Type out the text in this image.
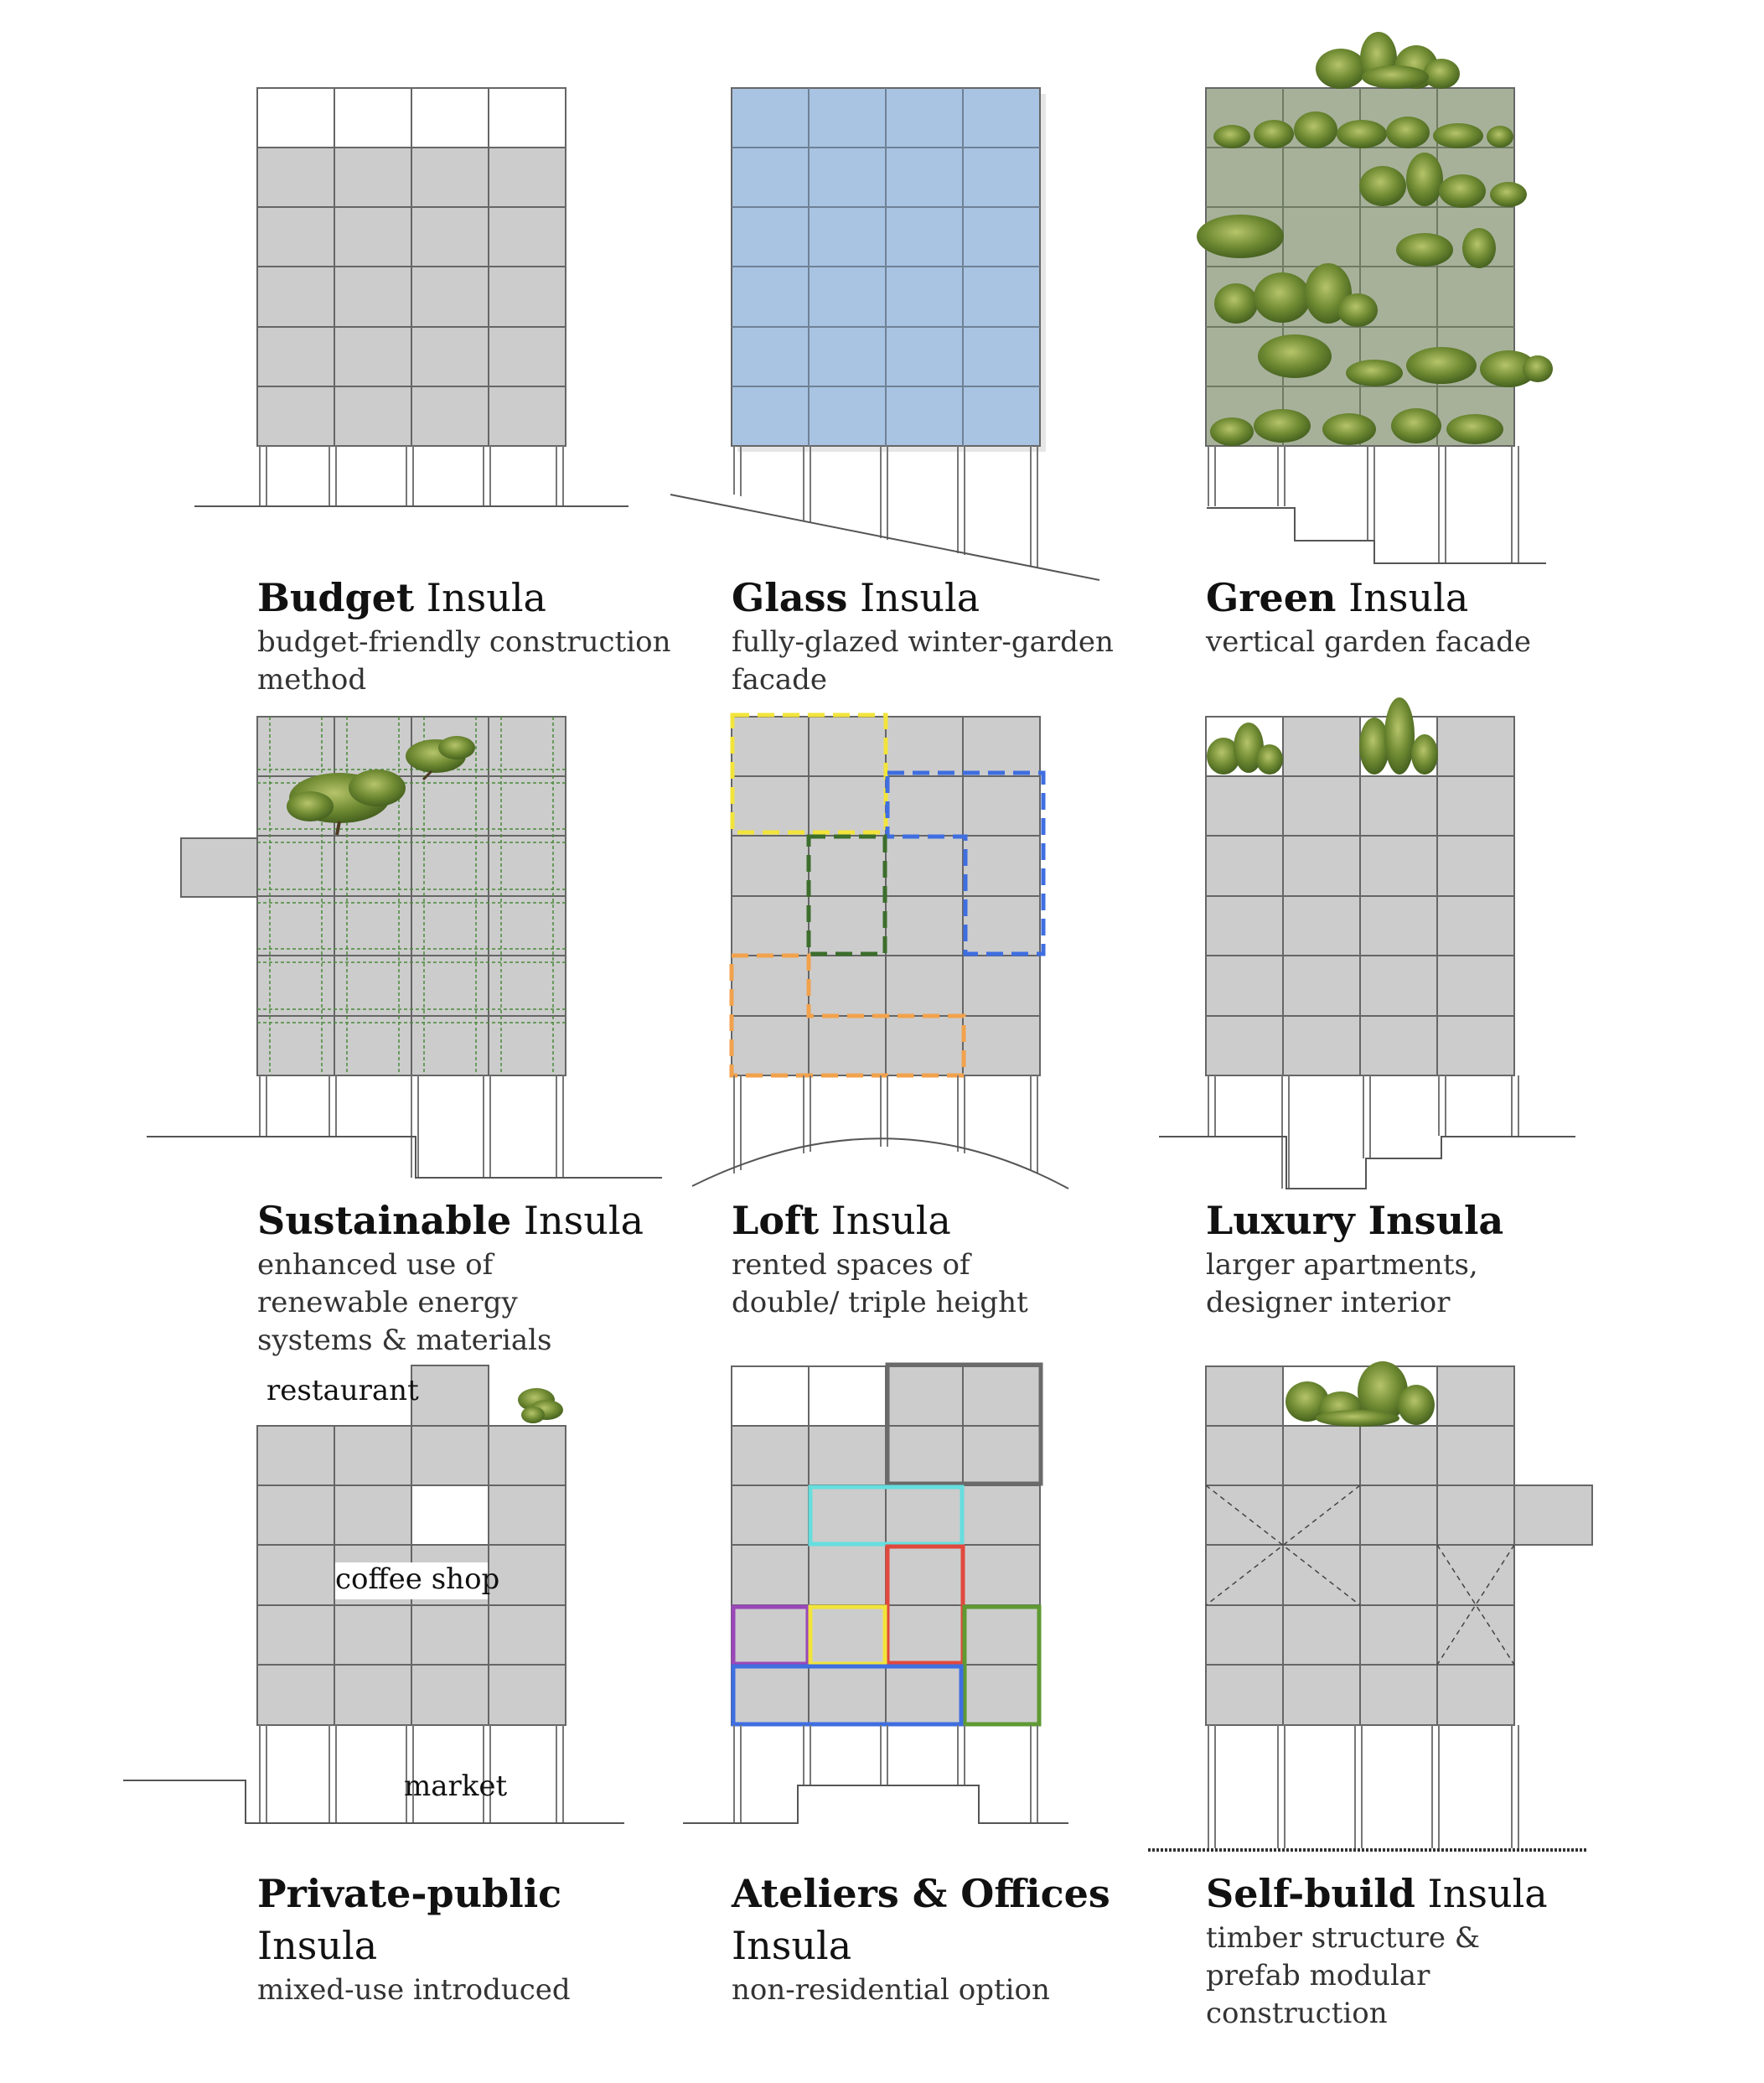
restaurant
coffee shop
market
Budget Insula
budget-friendly construction method
Glass Insula
fully-glazed winter-garden facade
Green Insula
vertical garden facade
Sustainable Insula
enhanced use of renewable energy systems & materials
Loft Insula
rented spaces of double/ triple height
Luxury Insula
larger apartments, designer interior
Private-public
Insula
mixed-use introduced
Ateliers & Offices
Insula
non-residential option
Self-build Insula
timber structure & prefab modular construction
